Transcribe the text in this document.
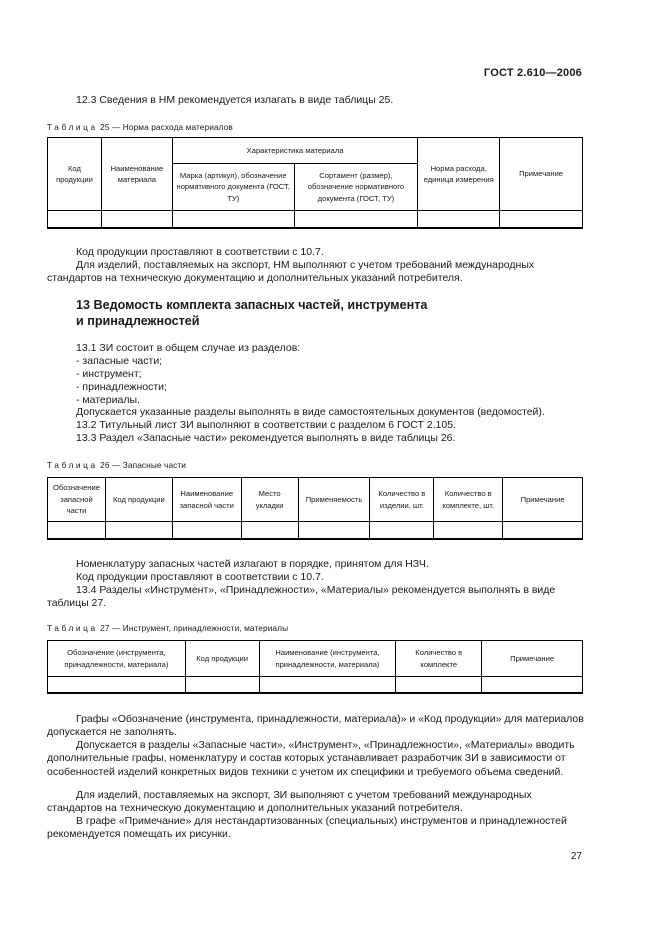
ГОСТ 2.610—2006
12.3 Сведения в НМ рекомендуется излагать в виде таблицы 25.
Таблица 25 — Норма расхода материалов
Код продукции	Наименование материала	Характеристика материала		Норма расхода, единица измерения	Примечание
		Марка (артикул), обозначение нормативного документа (ГОСТ, ТУ)	Сортамент (размер), обозначение нормативного документа (ГОСТ, ТУ)		

Код продукции проставляют в соответствии с 10.7.
Для изделий, поставляемых на экспорт, НМ выполняют с учетом требований международных стандартов на техническую документацию и дополнительных указаний потребителя.
13 Ведомость комплекта запасных частей, инструмента
и принадлежностей
13.1 ЗИ состоит в общем случае из разделов:
- запасные части;
- инструмент;
- принадлежности;
- материалы.
Допускается указанные разделы выполнять в виде самостоятельных документов (ведомостей).
13.2 Титульный лист ЗИ выполняют в соответствии с разделом 6 ГОСТ 2.105.
13.3 Раздел «Запасные части» рекомендуется выполнять в виде таблицы 26.
Таблица 26 — Запасные части
Обозначение запасной части	Код продукции	Наименование запасной части	Место укладки	Применяемость	Количество в изделии, шт.	Количество в комплекте, шт.	Примечание

Номенклатуру запасных частей излагают в порядке, принятом для НЗЧ.
Код продукции проставляют в соответствии с 10.7.
13.4 Разделы «Инструмент», «Принадлежности», «Материалы» рекомендуется выполнять в виде таблицы 27.
Таблица 27 — Инструмент, принадлежности, материалы
Обозначение (инструмента, принадлежности, материала)	Код продукции	Наименование (инструмента, принадлежности, материала)	Количество в комплекте	Примечание

Графы «Обозначение (инструмента, принадлежности, материала)» и «Код продукции» для материалов допускается не заполнять.
Допускается в разделы «Запасные части», «Инструмент», «Принадлежности», «Материалы» вводить дополнительные графы, номенклатуру и состав которых устанавливает разработчик ЗИ в зависимости от особенностей изделий конкретных видов техники с учетом их специфики и требуемого объема сведений.
Для изделий, поставляемых на экспорт, ЗИ выполняют с учетом требований международных стандартов на техническую документацию и дополнительных указаний потребителя.
В графе «Примечание» для нестандартизованных (специальных) инструментов и принадлежностей рекомендуется помещать их рисунки.
27
